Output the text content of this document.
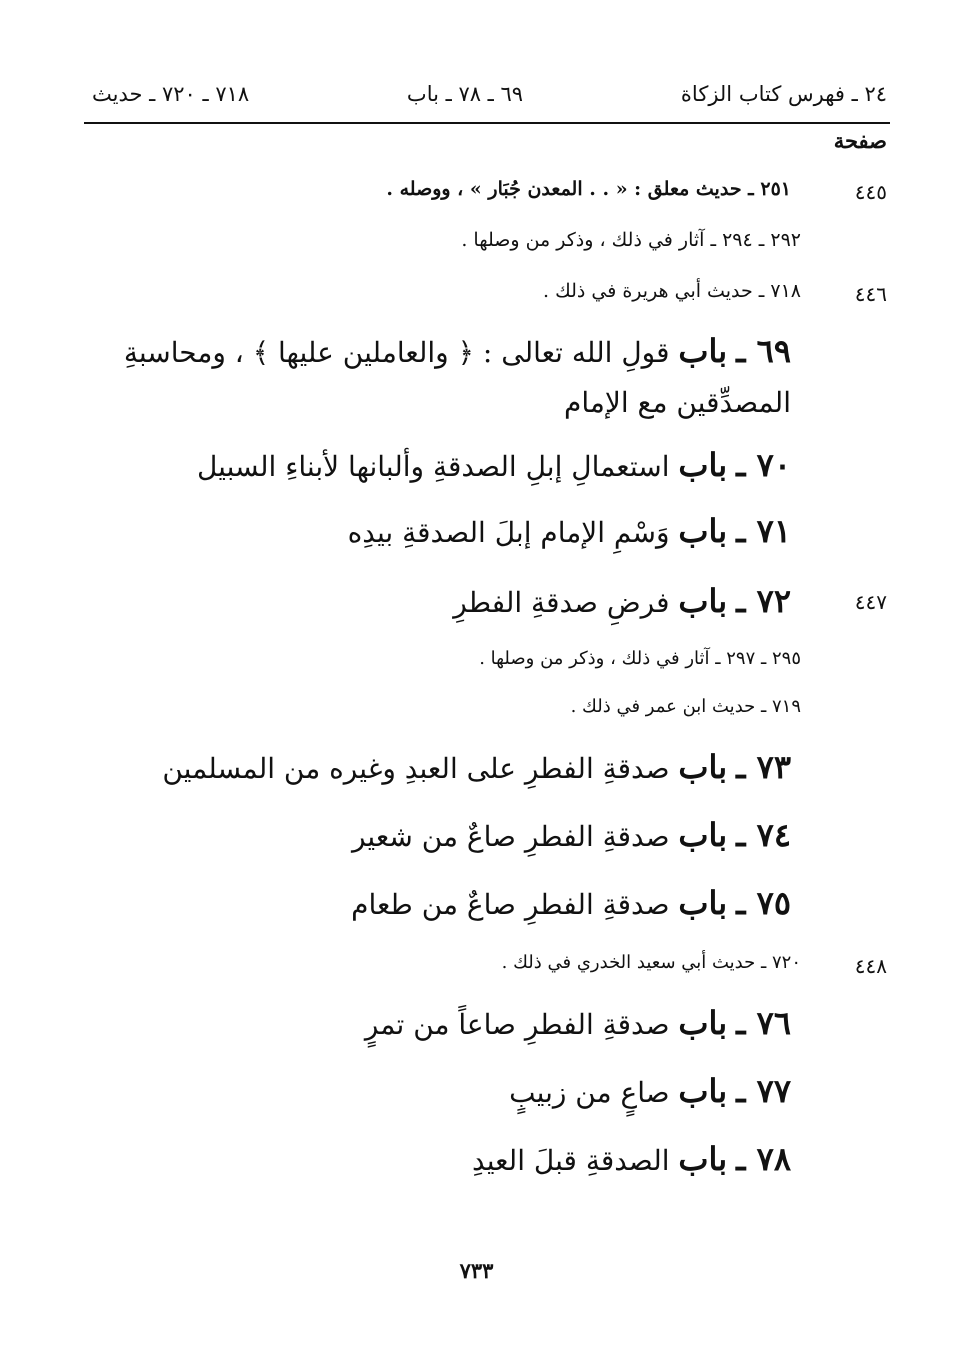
٢٤ ـ فهرس كتاب الزكاة
٦٩ ـ ٧٨ ـ باب
٧١٨ ـ ٧٢٠ ـ حديث
صفحة
٤٤٥
٢٥١ ـ حديث معلق : « . . المعدن جُبَار » ، ووصله .
٢٩٢ ـ ٢٩٤ ـ آثار في ذلك ، وذكر من وصلها .
٤٤٦
٧١٨ ـ حديث أبي هريرة في ذلك .
٦٩ ـ باب قولِ الله تعالى : ﴿ والعاملين عليها ﴾ ، ومحاسبةِ المصدِّقين مع الإمام
٧٠ ـ باب استعمالِ إبلِ الصدقةِ وألبانها لأبناءِ السبيل
٧١ ـ باب وَسْمِ الإمام إبلَ الصدقةِ بيدِه
٤٤٧
٧٢ ـ باب فرضِ صدقةِ الفطرِ
٢٩٥ ـ ٢٩٧ ـ آثار في ذلك ، وذكر من وصلها .
٧١٩ ـ حديث ابن عمر في ذلك .
٧٣ ـ باب صدقةِ الفطرِ على العبدِ وغيره من المسلمين
٧٤ ـ باب صدقةِ الفطرِ صاعٌ من شعير
٧٥ ـ باب صدقةِ الفطرِ صاعٌ من طعام
٤٤٨
٧٢٠ ـ حديث أبي سعيد الخدري في ذلك .
٧٦ ـ باب صدقةِ الفطرِ صاعاً من تمرٍ
٧٧ ـ باب صاعٍ من زبيبٍ
٧٨ ـ باب الصدقةِ قبلَ العيدِ
٧٣٣
